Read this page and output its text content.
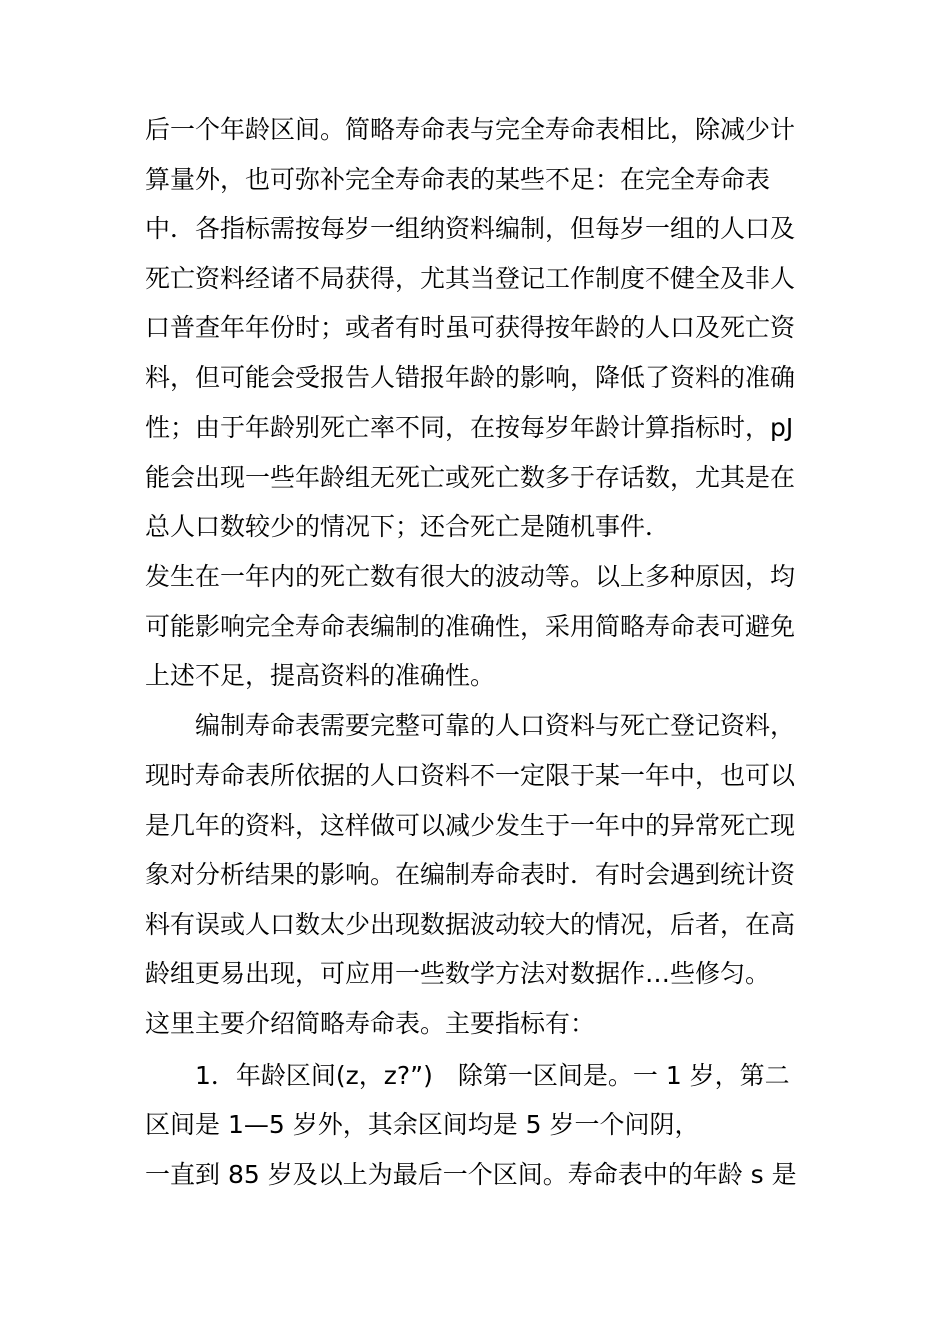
后一个年龄区间。简略寿命表与完全寿命表相比，除减少计
算量外，也可弥补完全寿命表的某些不足：在完全寿命表
中．各指标需按每岁一组纳资料编制，但每岁一组的人口及
死亡资料经诸不局获得，尤其当登记工作制度不健全及非人
口普查年年份时；或者有时虽可获得按年龄的人口及死亡资
料，但可能会受报告人错报年龄的影响，降低了资料的准确
性；由于年龄别死亡率不同，在按每岁年龄计算指标时，pJ
能会出现一些年龄组无死亡或死亡数多于存话数，尤其是在
总人口数较少的情况下；还合死亡是随机事件．
发生在一年内的死亡数有很大的波动等。以上多种原因，均
可能影响完全寿命表编制的准确性，采用简略寿命表可避免
上述不足，提高资料的准确性。
编制寿命表需要完整可靠的人口资料与死亡登记资料，
现时寿命表所依据的人口资料不一定限于某一年中，也可以
是几年的资料，这样做可以减少发生于一年中的异常死亡现
象对分析结果的影响。在编制寿命表时．有时会遇到统计资
料有误或人口数太少出现数据波动较大的情况，后者，在高
龄组更易出现，可应用一些数学方法对数据作…些修匀。
这里主要介绍简略寿命表。主要指标有：
1．年龄区间(z，z?”)　除第一区间是。一 1 岁，第二
区间是 1—5 岁外，其余区间均是 5 岁一个问阴，
一直到 85 岁及以上为最后一个区间。寿命表中的年龄 s 是
